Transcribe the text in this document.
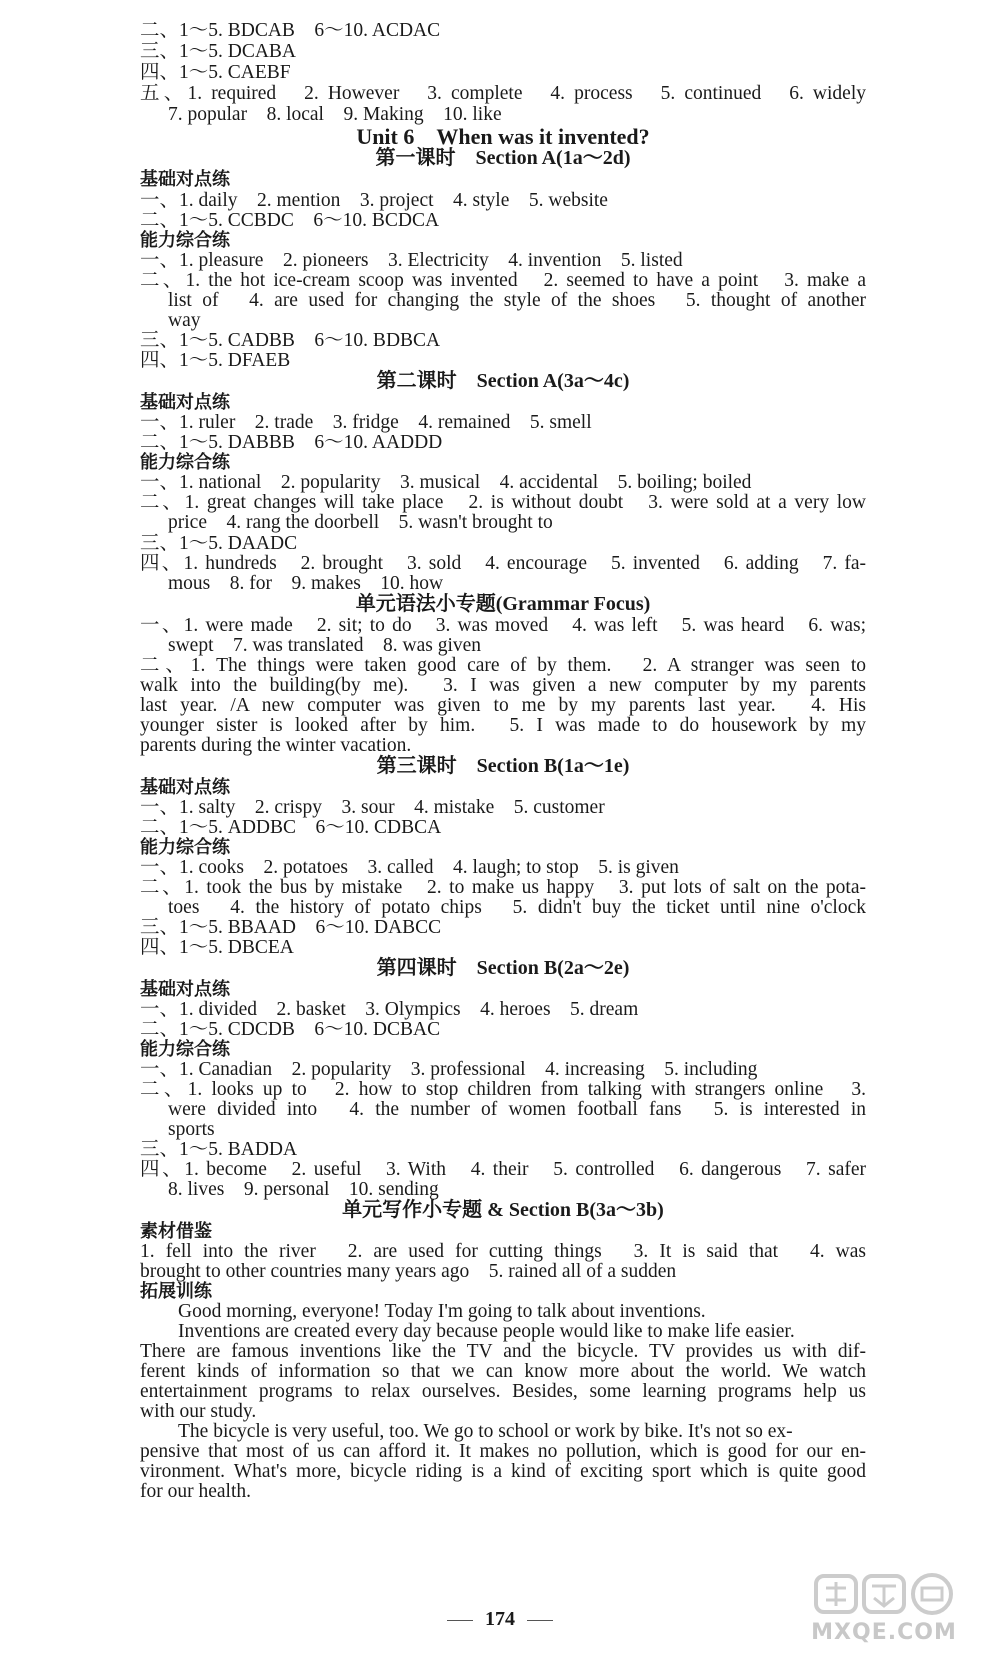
二、1～5. BDCAB　6～10. ACDAC
三、1～5. DCABA
四、1～5. CAEBF
五、1. required　2. However　3. complete　4. process　5. continued　6. widely
7. popular　8. local　9. Making　10. like
Unit 6　When was it invented?
第一课时　Section A(1a～2d)
基础对点练
一、1. daily　2. mention　3. project　4. style　5. website
二、1～5. CCBDC　6～10. BCDCA
能力综合练
一、1. pleasure　2. pioneers　3. Electricity　4. invention　5. listed
二、1. the hot ice-cream scoop was invented　2. seemed to have a point　3. make a
list of　4. are used for changing the style of the shoes　5. thought of another
way
三、1～5. CADBB　6～10. BDBCA
四、1～5. DFAEB
第二课时　Section A(3a～4c)
基础对点练
一、1. ruler　2. trade　3. fridge　4. remained　5. smell
二、1～5. DABBB　6～10. AADDD
能力综合练
一、1. national　2. popularity　3. musical　4. accidental　5. boiling; boiled
二、1. great changes will take place　2. is without doubt　3. were sold at a very low
price　4. rang the doorbell　5. wasn't brought to
三、1～5. DAADC
四、1. hundreds　2. brought　3. sold　4. encourage　5. invented　6. adding　7. fa-
mous　8. for　9. makes　10. how
单元语法小专题(Grammar Focus)
一、1. were made　2. sit; to do　3. was moved　4. was left　5. was heard　6. was;
swept　7. was translated　8. was given
二、1. The things were taken good care of by them.　2. A stranger was seen to
walk into the building(by me).　3. I was given a new computer by my parents
last year. /A new computer was given to me by my parents last year.　4. His
younger sister is looked after by him.　5. I was made to do housework by my
parents during the winter vacation.
第三课时　Section B(1a～1e)
基础对点练
一、1. salty　2. crispy　3. sour　4. mistake　5. customer
二、1～5. ADDBC　6～10. CDBCA
能力综合练
一、1. cooks　2. potatoes　3. called　4. laugh; to stop　5. is given
二、1. took the bus by mistake　2. to make us happy　3. put lots of salt on the pota-
toes　4. the history of potato chips　5. didn't buy the ticket until nine o'clock
三、1～5. BBAAD　6～10. DABCC
四、1～5. DBCEA
第四课时　Section B(2a～2e)
基础对点练
一、1. divided　2. basket　3. Olympics　4. heroes　5. dream
二、1～5. CDCDB　6～10. DCBAC
能力综合练
一、1. Canadian　2. popularity　3. professional　4. increasing　5. including
二、1. looks up to　2. how to stop children from talking with strangers online　3.
were divided into　4. the number of women football fans　5. is interested in
sports
三、1～5. BADDA
四、1. become　2. useful　3. With　4. their　5. controlled　6. dangerous　7. safer
8. lives　9. personal　10. sending
单元写作小专题 & Section B(3a～3b)
素材借鉴
1. fell into the river　2. are used for cutting things　3. It is said that　4. was
brought to other countries many years ago　5. rained all of a sudden
拓展训练
Good morning, everyone! Today I'm going to talk about inventions.
Inventions are created every day because people would like to make life easier.
There are famous inventions like the TV and the bicycle. TV provides us with dif-
ferent kinds of information so that we can know more about the world. We watch
entertainment programs to relax ourselves. Besides, some learning programs help us
with our study.
The bicycle is very useful, too. We go to school or work by bike. It's not so ex-
pensive that most of us can afford it. It makes no pollution, which is good for our en-
vironment. What's more, bicycle riding is a kind of exciting sport which is quite good
for our health.
174
MXQE.COM
